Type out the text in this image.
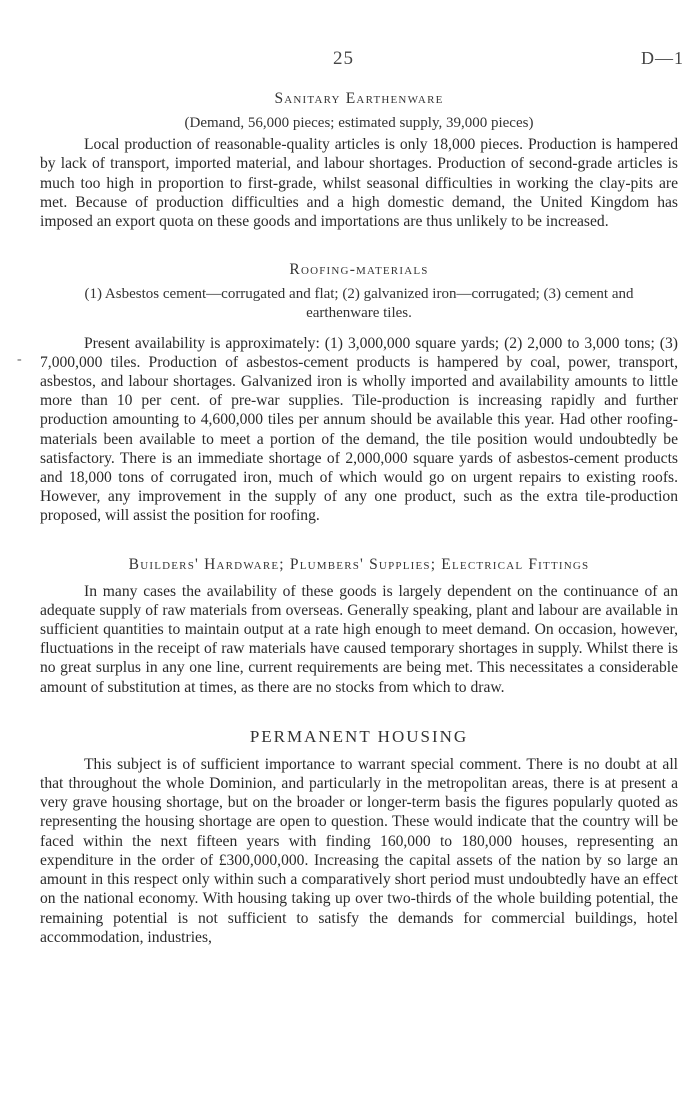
25	D—1
-
Sanitary Earthenware

(Demand, 56,000 pieces; estimated supply, 39,000 pieces)

Local production of reasonable-quality articles is only 18,000 pieces. Production is hampered by lack of transport, imported material, and labour shortages. Production of second-grade articles is much too high in proportion to first-grade, whilst seasonal difficulties in working the clay-pits are met. Because of production difficulties and a high domestic demand, the United Kingdom has imposed an export quota on these goods and importations are thus unlikely to be increased.

Roofing-materials

(1) Asbestos cement—corrugated and flat; (2) galvanized iron—corrugated; (3) cement and earthenware tiles.

Present availability is approximately: (1) 3,000,000 square yards; (2) 2,000 to 3,000 tons; (3) 7,000,000 tiles. Production of asbestos-cement products is hampered by coal, power, transport, asbestos, and labour shortages. Galvanized iron is wholly imported and availability amounts to little more than 10 per cent. of pre-war supplies. Tile-production is increasing rapidly and further production amounting to 4,600,000 tiles per annum should be available this year. Had other roofing-materials been available to meet a portion of the demand, the tile position would undoubtedly be satisfactory. There is an immediate shortage of 2,000,000 square yards of asbestos-cement products and 18,000 tons of corrugated iron, much of which would go on urgent repairs to existing roofs. However, any improvement in the supply of any one product, such as the extra tile-production proposed, will assist the position for roofing.

Builders' Hardware; Plumbers' Supplies; Electrical Fittings

In many cases the availability of these goods is largely dependent on the continuance of an adequate supply of raw materials from overseas. Generally speaking, plant and labour are available in sufficient quantities to maintain output at a rate high enough to meet demand. On occasion, however, fluctuations in the receipt of raw materials have caused temporary shortages in supply. Whilst there is no great surplus in any one line, current requirements are being met. This necessitates a considerable amount of substitution at times, as there are no stocks from which to draw.

PERMANENT HOUSING

This subject is of sufficient importance to warrant special comment. There is no doubt at all that throughout the whole Dominion, and particularly in the metropolitan areas, there is at present a very grave housing shortage, but on the broader or longer-term basis the figures popularly quoted as representing the housing shortage are open to question. These would indicate that the country will be faced within the next fifteen years with finding 160,000 to 180,000 houses, representing an expenditure in the order of £300,000,000. Increasing the capital assets of the nation by so large an amount in this respect only within such a comparatively short period must undoubtedly have an effect on the national economy. With housing taking up over two-thirds of the whole building potential, the remaining potential is not sufficient to satisfy the demands for commercial buildings, hotel accommodation, industries,
